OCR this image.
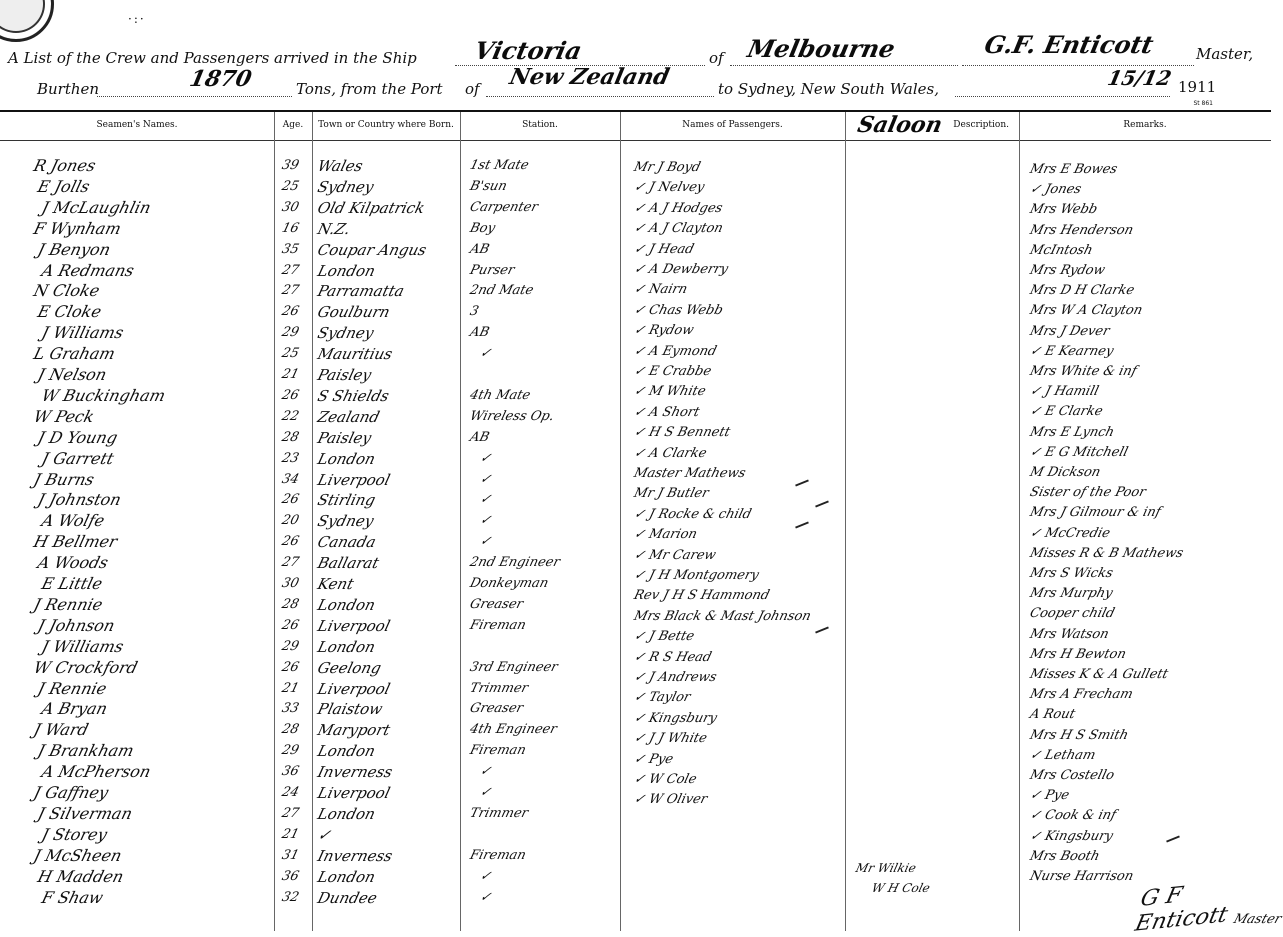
·:·
A List of the Crew and Passengers arrived in the Ship Victoria	of Melbourne	G.F. Enticott	Master,
Burthen	1870	Tons, from the Port of New Zealand	to Sydney, New South Wales,	15/12 1911
St 861
Seamen's Names.	Age.	Town or Country where Born.	Station.	Names of Passengers.	Description.	Remarks.
Saloon
R Jones	39 Wales	1st Mate
E Jolls	25 Sydney	B'sun
J McLaughlin	30 Old Kilpatrick	Carpenter
F Wynham	16 N.Z.	Boy
J Benyon	35 Coupar Angus	AB
A Redmans	27 London	Purser
N Cloke	27 Parramatta	2nd Mate
E Cloke	26 Goulburn	3
J Williams	29 Sydney	AB
L Graham	25 Mauritius	✓
J Nelson	21 Paisley
W Buckingham	26 S Shields	4th Mate
W Peck	22 Zealand	Wireless Op.
J D Young	28 Paisley	AB
J Garrett	23 London	✓
J Burns	34 Liverpool	✓
J Johnston	26 Stirling	✓
A Wolfe	20 Sydney	✓
H Bellmer	26 Canada	✓
A Woods	27 Ballarat	2nd Engineer
E Little	30 Kent	Donkeyman
J Rennie	28 London	Greaser
J Johnson	26 Liverpool	Fireman
J Williams	29 London
W Crockford	26 Geelong	3rd Engineer
J Rennie	21 Liverpool	Trimmer
A Bryan	33 Plaistow	Greaser
J Ward	28 Maryport	4th Engineer
J Brankham	29 London	Fireman
A McPherson	36 Inverness	✓
J Gaffney	24 Liverpool	✓
J Silverman	27 London	Trimmer
J Storey	21 ✓
J McSheen	31 Inverness	Fireman
H Madden	36 London	✓
F Shaw	32 Dundee	✓
Mr J Boyd
✓ J Nelvey
✓ A J Hodges
✓ A J Clayton
✓ J Head
✓ A Dewberry
✓ Nairn
✓ Chas Webb
✓ Rydow
✓ A Eymond
✓ E Crabbe
✓ M White
✓ A Short
✓ H S Bennett
✓ A Clarke
Master Mathews
Mr J Butler
✓ J Rocke & child
✓ Marion
✓ Mr Carew
✓ J H Montgomery
Rev J H S Hammond
Mrs Black & Mast Johnson
✓ J Bette
✓ R S Head
✓ J Andrews
✓ Taylor
✓ Kingsbury
✓ J J White
✓ Pye
✓ W Cole
✓ W Oliver
Mrs E Bowes
✓ Jones
Mrs Webb
Mrs Henderson
McIntosh
Mrs Rydow
Mrs D H Clarke
Mrs W A Clayton
Mrs J Dever
✓ E Kearney
Mrs White & inf
✓ J Hamill
✓ E Clarke
Mrs E Lynch
✓ E G Mitchell
M Dickson
Sister of the Poor
Mrs J Gilmour & inf
✓ McCredie
Misses R & B Mathews
Mrs S Wicks
Mrs Murphy
Cooper child
Mrs Watson
Mrs H Bewton
Misses K & A Gullett
Mrs A Frecham
A Rout
Mrs H S Smith
✓ Letham
Mrs Costello
✓ Pye
✓ Cook & inf
✓ Kingsbury
Mrs Booth
Nurse Harrison
Mr Wilkie
W H Cole	G F Enticott Master
